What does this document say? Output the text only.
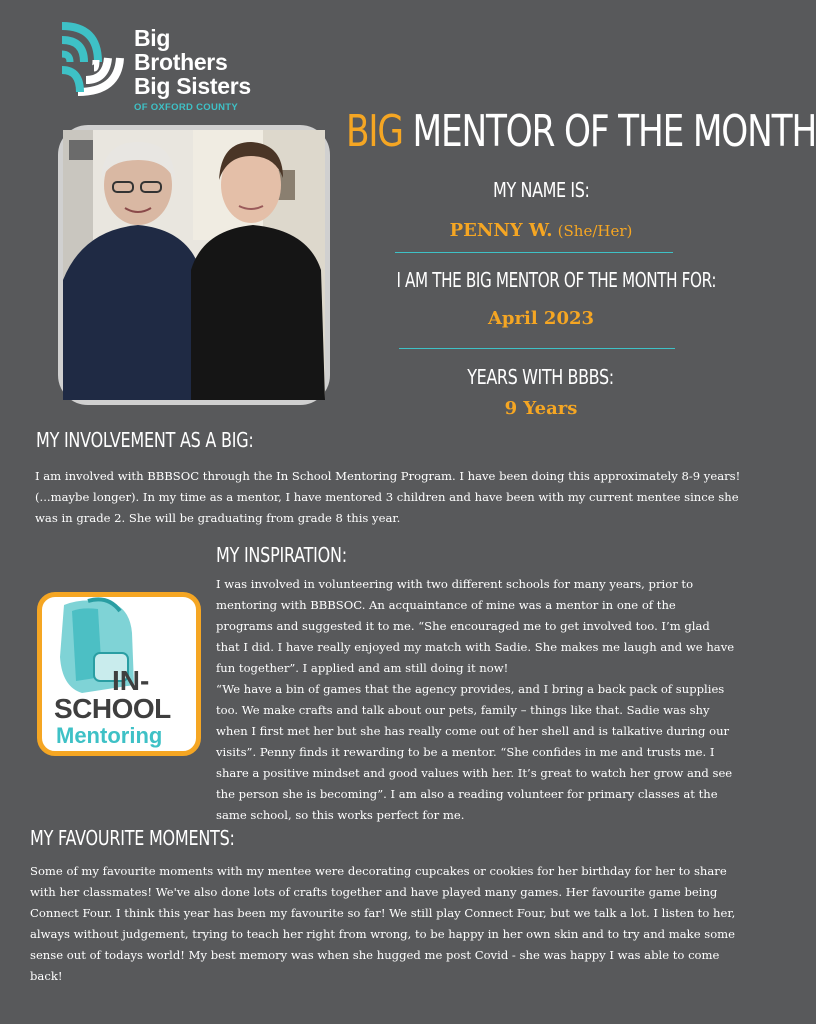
Big Brothers
Big Sisters
OF OXFORD COUNTY	BIG MENTOR OF THE MONTH
MY NAME IS:
PENNY W. (She/Her)
I AM THE BIG MENTOR OF THE MONTH FOR:
April 2023
YEARS WITH BBBS:
9 Years
MY INVOLVEMENT AS A BIG:
I am involved with BBBSOC through the In School Mentoring Program. I have been doing this approximately 8-9 years! (...maybe longer). In my time as a mentor, I have mentored 3 children and have been with my current mentee since she was in grade 2. She will be graduating from grade 8 this year.
MY INSPIRATION:
I was involved in volunteering with two different schools for many years, prior to mentoring with BBBSOC. An acquaintance of mine was a mentor in one of the programs and suggested it to me. “She encouraged me to get involved too. I’m glad that I did. I have really enjoyed my match with Sadie. She makes me laugh and we have fun together”. I applied and am still doing it now!
“We have a bin of games that the agency provides, and I bring a back pack of supplies too. We make crafts and talk about our pets, family – things like that. Sadie was shy when I first met her but she has really come out of her shell and is talkative during our visits”. Penny finds it rewarding to be a mentor. “She confides in me and trusts me. I share a positive mindset and good values with her. It’s great to watch her grow and see the person she is becoming”. I am also a reading volunteer for primary classes at the same school, so this works perfect for me.
IN-
SCHOOL
Mentoring
MY FAVOURITE MOMENTS:
Some of my favourite moments with my mentee were decorating cupcakes or cookies for her birthday for her to share with her classmates! We've also done lots of crafts together and have played many games. Her favourite game being Connect Four. I think this year has been my favourite so far! We still play Connect Four, but we talk a lot. I listen to her, always without judgement, trying to teach her right from wrong, to be happy in her own skin and to try and make some sense out of todays world! My best memory was when she hugged me post Covid - she was happy I was able to come back!
